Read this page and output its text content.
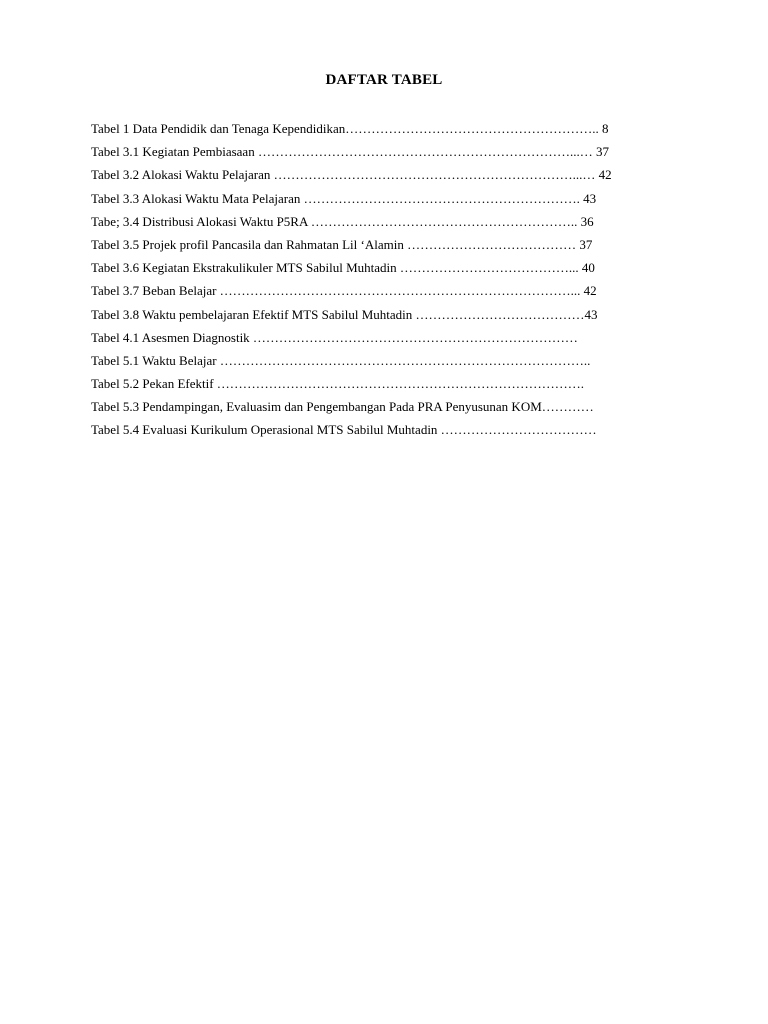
DAFTAR TABEL
Tabel 1 Data Pendidik dan Tenaga Kependidikan………………………………………………….. 8
Tabel 3.1 Kegiatan Pembiasaan ………………………………………………………………...… 37
Tabel 3.2 Alokasi Waktu Pelajaran ……………………………………………………………...… 42
Tabel 3.3 Alokasi Waktu Mata Pelajaran ………………………………………………………. 43
Tabe; 3.4 Distribusi Alokasi Waktu P5RA …………………………………………………….. 36
Tabel 3.5 Projek profil Pancasila dan Rahmatan Lil ‘Alamin ………………………………… 37
Tabel 3.6 Kegiatan Ekstrakulikuler MTS Sabilul Muhtadin …………………………………... 40
Tabel 3.7 Beban Belajar ………………………………………………………………………... 42
Tabel 3.8 Waktu pembelajaran Efektif MTS Sabilul Muhtadin …………………………………43
Tabel 4.1 Asesmen Diagnostik …………………………………………………………………
Tabel 5.1 Waktu Belajar …………………………………………………………………………..
Tabel 5.2 Pekan Efektif ………………………………………………………………………….
Tabel 5.3 Pendampingan, Evaluasim dan Pengembangan Pada PRA Penyusunan KOM…………
Tabel 5.4 Evaluasi Kurikulum Operasional MTS Sabilul Muhtadin ………………………………
